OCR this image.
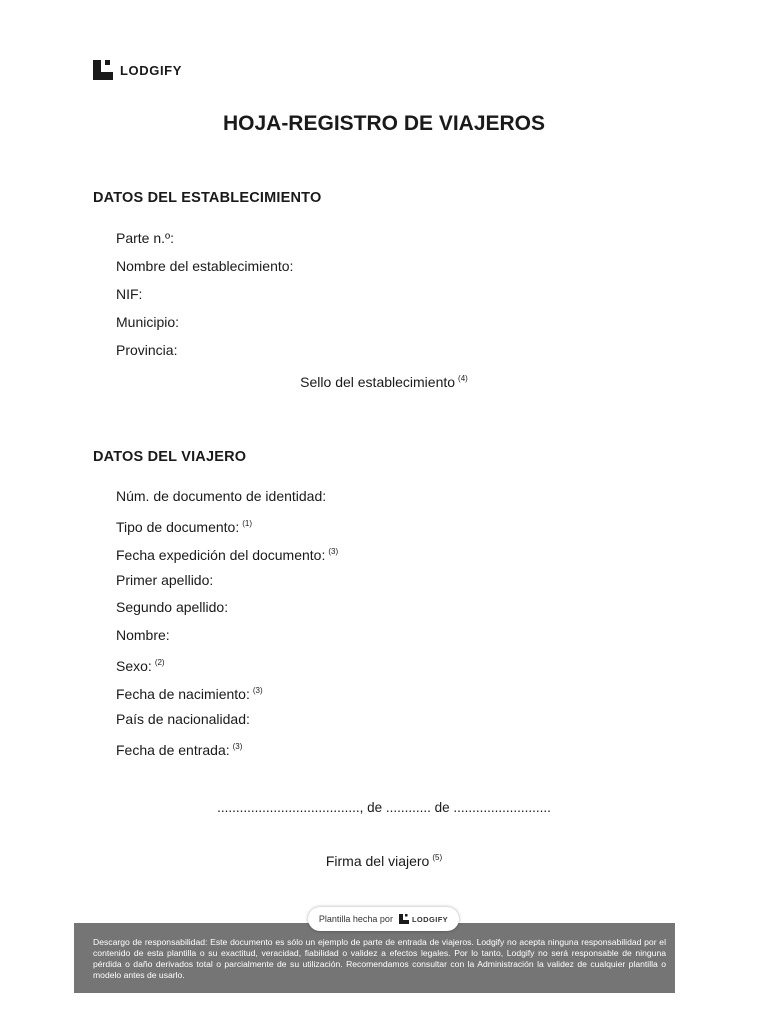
LODGIFY
HOJA-REGISTRO DE VIAJEROS
DATOS DEL ESTABLECIMIENTO
Parte n.º:
Nombre del establecimiento:
NIF:
Municipio:
Provincia:
Sello del establecimiento $^{(4)}$
DATOS DEL VIAJERO
Núm. de documento de identidad:
Tipo de documento: $^{(1)}$
Fecha expedición del documento: $^{(3)}$
Primer apellido:
Segundo apellido:
Nombre:
Sexo: $^{(2)}$
Fecha de nacimiento: $^{(3)}$
País de nacionalidad:
Fecha de entrada: $^{(3)}$
......................................, de ............ de ..........................
Firma del viajero $^{(5)}$
Plantilla hecha por	LODGIFY
Descargo de responsabilidad: Este documento es sólo un ejemplo de parte de entrada de viajeros. Lodgify no acepta ninguna responsabilidad por el contenido de esta plantilla o su exactitud, veracidad, fiabilidad o validez a efectos legales. Por lo tanto, Lodgify no será responsable de ninguna pérdida o daño derivados total o parcialmente de su utilización. Recomendamos consultar con la Administración la validez de cualquier plantilla o modelo antes de usarlo.
